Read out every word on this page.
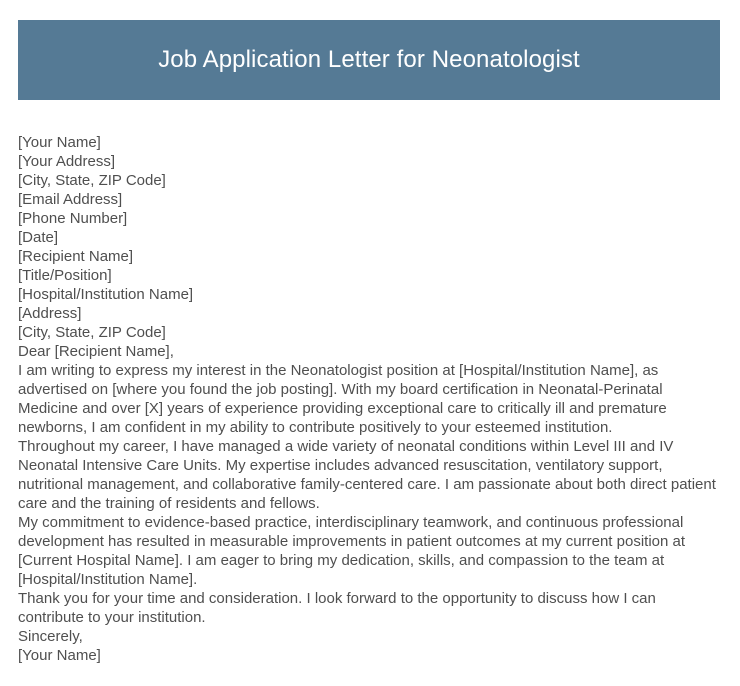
Job Application Letter for Neonatologist
[Your Name]
[Your Address]
[City, State, ZIP Code]
[Email Address]
[Phone Number]
[Date]
[Recipient Name]
[Title/Position]
[Hospital/Institution Name]
[Address]
[City, State, ZIP Code]
Dear [Recipient Name],

I am writing to express my interest in the Neonatologist position at [Hospital/Institution Name], as advertised on [where you found the job posting]. With my board certification in Neonatal-Perinatal Medicine and over [X] years of experience providing exceptional care to critically ill and premature newborns, I am confident in my ability to contribute positively to your esteemed institution.

Throughout my career, I have managed a wide variety of neonatal conditions within Level III and IV Neonatal Intensive Care Units. My expertise includes advanced resuscitation, ventilatory support, nutritional management, and collaborative family-centered care. I am passionate about both direct patient care and the training of residents and fellows.

My commitment to evidence-based practice, interdisciplinary teamwork, and continuous professional development has resulted in measurable improvements in patient outcomes at my current position at [Current Hospital Name]. I am eager to bring my dedication, skills, and compassion to the team at [Hospital/Institution Name].

Thank you for your time and consideration. I look forward to the opportunity to discuss how I can contribute to your institution.

Sincerely,
[Your Name]
